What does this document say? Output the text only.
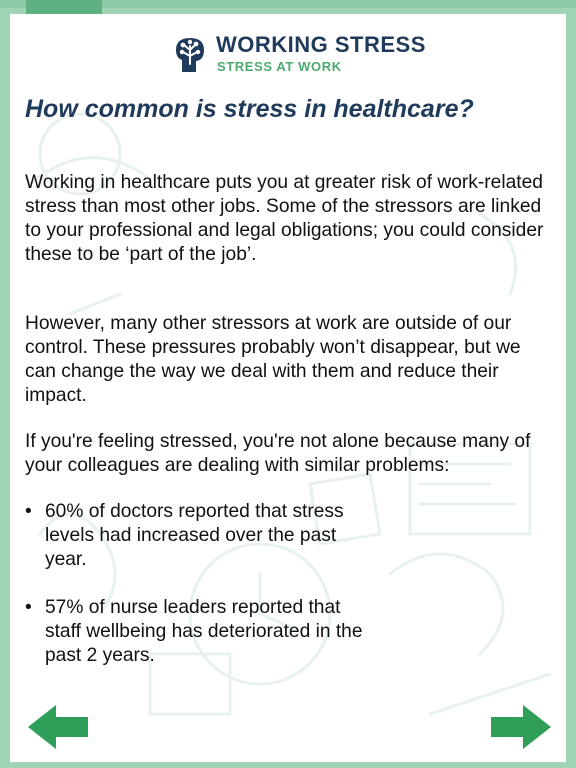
WORKING STRESS
STRESS AT WORK
How common is stress in healthcare?

Working in healthcare puts you at greater risk of work-related stress than most other jobs. Some of the stressors are linked to your professional and legal obligations; you could consider these to be ‘part of the job’.

However, many other stressors at work are outside of our control. These pressures probably won’t disappear, but we can change the way we deal with them and reduce their impact.

If you're feeling stressed, you're not alone because many of your colleagues are dealing with similar problems:

• 60% of doctors reported that stress levels had increased over the past year.
• 57% of nurse leaders reported that staff wellbeing has deteriorated in the past 2 years.
